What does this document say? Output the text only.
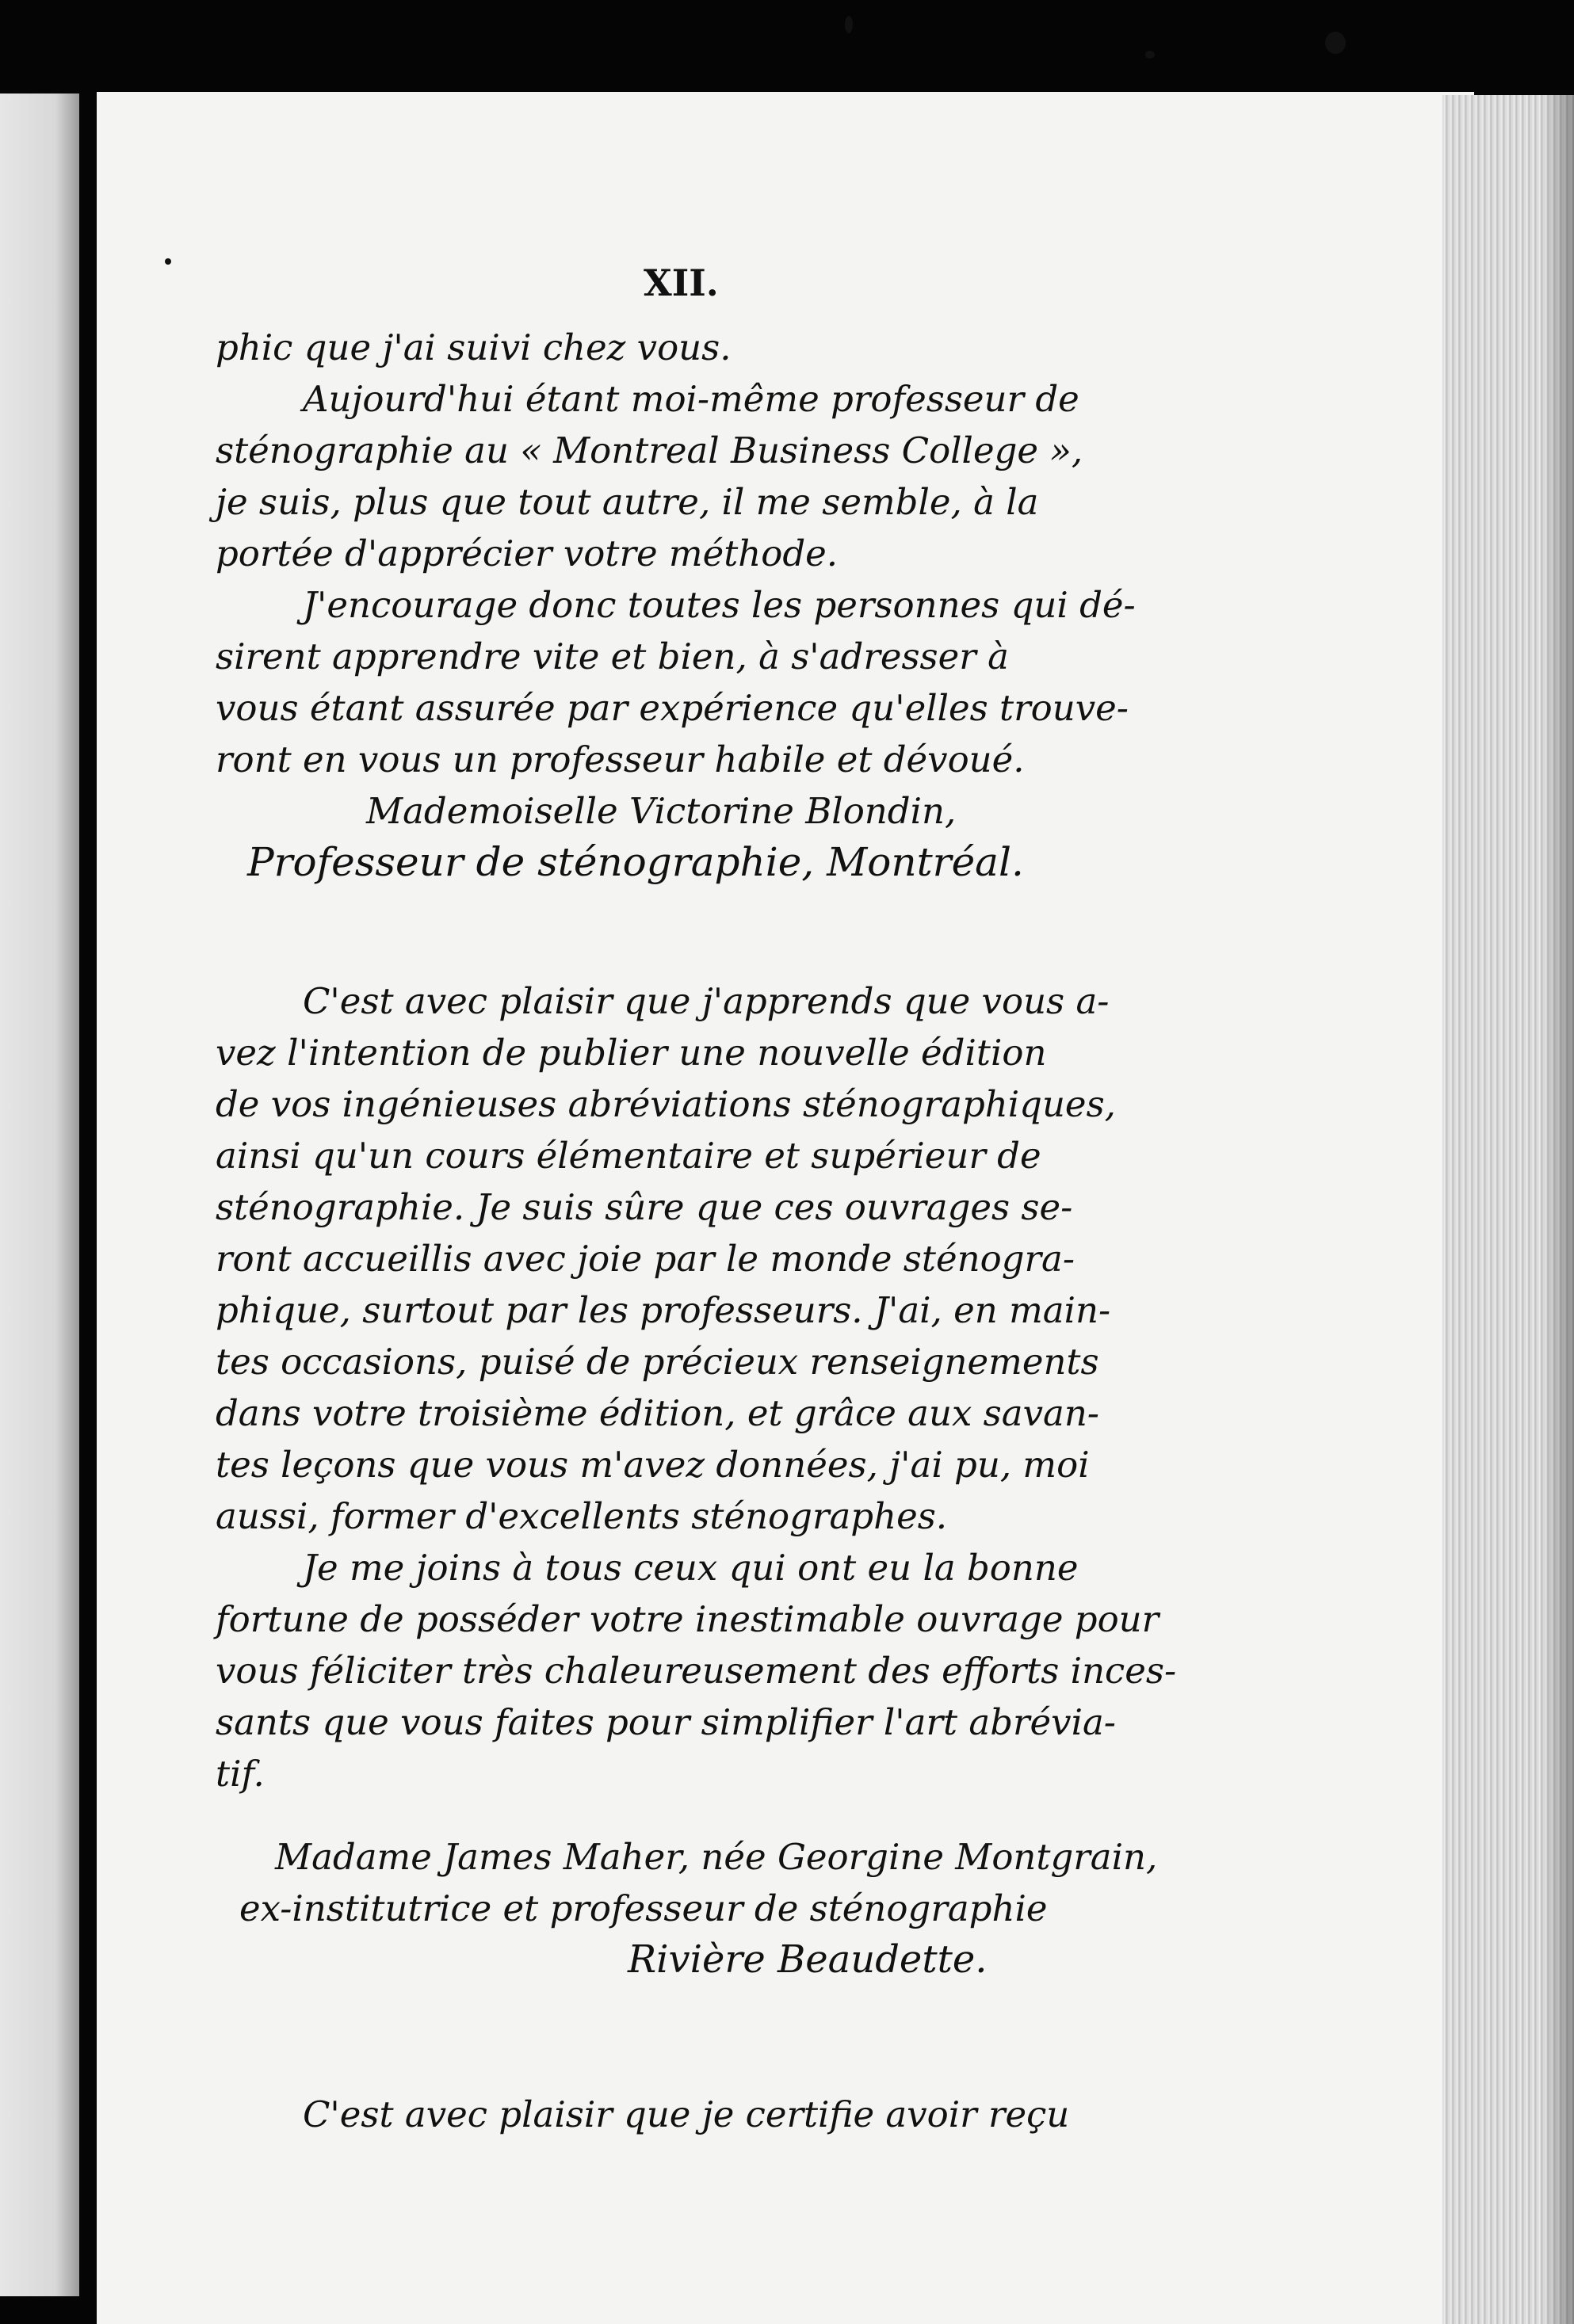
XII.
phic que j'ai suivi chez vous.
Aujourd'hui étant moi-même professeur de
sténographie au « Montreal Business College »,
je suis, plus que tout autre, il me semble, à la
portée d'apprécier votre méthode.
J'encourage donc toutes les personnes qui dé-
sirent apprendre vite et bien, à s'adresser à
vous étant assurée par expérience qu'elles trouve-
ront en vous un professeur habile et dévoué.
Mademoiselle Victorine Blondin,
Professeur de sténographie, Montréal.
C'est avec plaisir que j'apprends que vous a-
vez l'intention de publier une nouvelle édition
de vos ingénieuses abréviations sténographiques,
ainsi qu'un cours élémentaire et supérieur de
sténographie. Je suis sûre que ces ouvrages se-
ront accueillis avec joie par le monde sténogra-
phique, surtout par les professeurs. J'ai, en main-
tes occasions, puisé de précieux renseignements
dans votre troisième édition, et grâce aux savan-
tes leçons que vous m'avez données, j'ai pu, moi
aussi, former d'excellents sténographes.
Je me joins à tous ceux qui ont eu la bonne
fortune de posséder votre inestimable ouvrage pour
vous féliciter très chaleureusement des efforts inces-
sants que vous faites pour simplifier l'art abrévia-
tif.
Madame James Maher, née Georgine Montgrain,
ex-institutrice et professeur de sténographie
Rivière Beaudette.
C'est avec plaisir que je certifie avoir reçu
